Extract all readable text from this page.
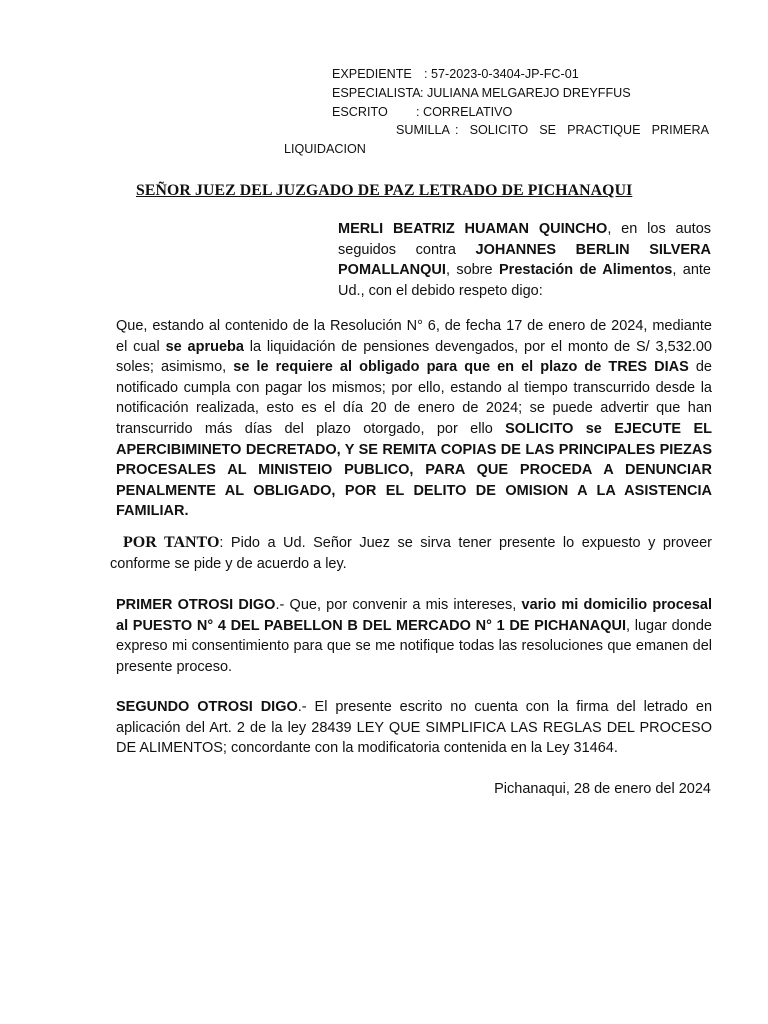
EXPEDIENTE : 57-2023-0-3404-JP-FC-01
ESPECIALISTA: JULIANA MELGAREJO DREYFFUS
ESCRITO : CORRELATIVO
SUMILLA : SOLICITO SE PRACTIQUE PRIMERA
LIQUIDACION
SEÑOR JUEZ DEL JUZGADO DE PAZ LETRADO DE PICHANAQUI
MERLI BEATRIZ HUAMAN QUINCHO, en los autos seguidos contra JOHANNES BERLIN SILVERA POMALLANQUI, sobre Prestación de Alimentos, ante Ud., con el debido respeto digo:
Que, estando al contenido de la Resolución N° 6, de fecha 17 de enero de 2024, mediante el cual se aprueba la liquidación de pensiones devengados, por el monto de S/ 3,532.00 soles; asimismo, se le requiere al obligado para que en el plazo de TRES DIAS de notificado cumpla con pagar los mismos; por ello, estando al tiempo transcurrido desde la notificación realizada, esto es el día 20 de enero de 2024; se puede advertir que han transcurrido más días del plazo otorgado, por ello SOLICITO se EJECUTE EL APERCIBIMINETO DECRETADO, Y SE REMITA COPIAS DE LAS PRINCIPALES PIEZAS PROCESALES AL MINISTEIO PUBLICO, PARA QUE PROCEDA A DENUNCIAR PENALMENTE AL OBLIGADO, POR EL DELITO DE OMISION A LA ASISTENCIA FAMILIAR.
POR TANTO: Pido a Ud. Señor Juez se sirva tener presente lo expuesto y proveer conforme se pide y de acuerdo a ley.
PRIMER OTROSI DIGO.- Que, por convenir a mis intereses, vario mi domicilio procesal al PUESTO N° 4 DEL PABELLON B DEL MERCADO N° 1 DE PICHANAQUI, lugar donde expreso mi consentimiento para que se me notifique todas las resoluciones que emanen del presente proceso.
SEGUNDO OTROSI DIGO.- El presente escrito no cuenta con la firma del letrado en aplicación del Art. 2 de la ley 28439 LEY QUE SIMPLIFICA LAS REGLAS DEL PROCESO DE ALIMENTOS; concordante con la modificatoria contenida en la Ley 31464.
Pichanaqui, 28 de enero del 2024
